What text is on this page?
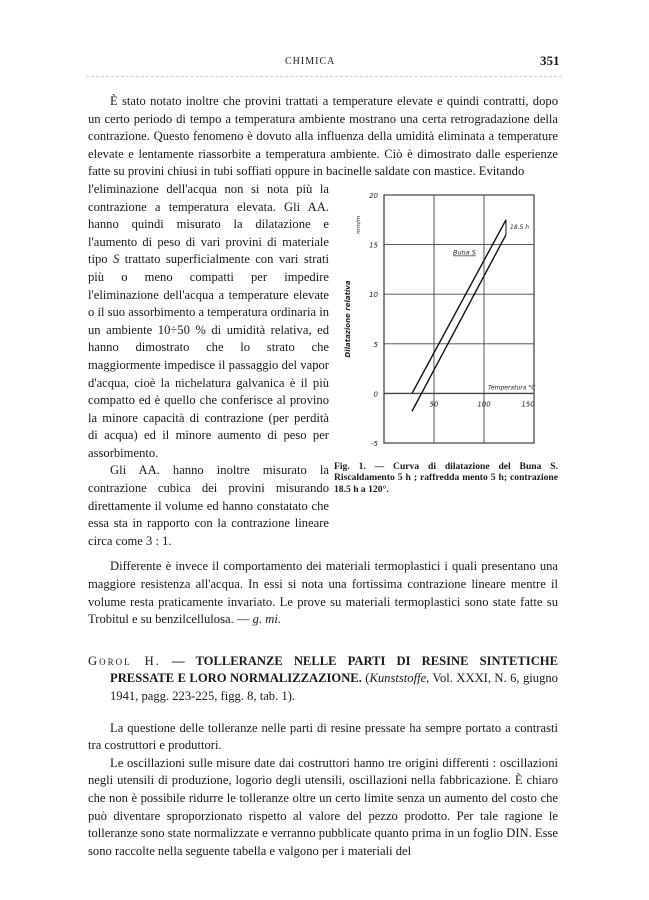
CHIMICA	351

È stato notato inoltre che provini trattati a temperature elevate e quindi contratti, dopo un certo periodo di tempo a temperatura ambiente mostrano una certa retrogradazione della contrazione. Questo fenomeno è dovuto alla influenza della umidità eliminata a temperature elevate e lentamente riassorbite a temperatura ambiente. Ciò è dimostrato dalle esperienze fatte su provini chiusi in tubi soffiati oppure in bacinelle saldate con mastice. Evitando

l'eliminazione dell'acqua non si nota più la contrazione a temperatura elevata. Gli AA. hanno quindi misurato la dilatazione e l'aumento di peso di vari provini di materiale tipo S trattato superficialmente con vari strati più o meno compatti per impedire l'eliminazione dell'acqua a temperature elevate o il suo assorbimento a temperatura ordinaria in un ambiente 10÷50 % di umidità relativa, ed hanno dimostrato che lo strato che maggiormente impedisce il passaggio del vapor d'acqua, cioè la nichelatura galvanica è il più compatto ed è quello che conferisce al provino la minore capacità di contrazione (per perdità di acqua) ed il minore aumento di peso per assorbimento.

Gli AA. hanno inoltre misurato la contrazione cubica dei provini misurando direttamente il volume ed hanno constatato che essa sta in rapporto con la contrazione lineare circa come 3 : 1.

-5
0
5
10
15
20
50	100	150
Buna S
18.5 h
Temperatura °C
Dilatazione relativa
mm/m
Fig. 1. — Curva di dilatazione del Buna S. Riscaldamento 5 h ; raffredda mento 5 h; contrazione 18.5 h a 120°.

Differente è invece il comportamento dei materiali termoplastici i quali presentano una maggiore resistenza all'acqua. In essi si nota una fortissima contrazione lineare mentre il volume resta praticamente invariato. Le prove su materiali termoplastici sono state fatte su Trobitul e su benzilcellulosa. — g. mi.

Gorol H. — TOLLERANZE NELLE PARTI DI RESINE SINTETICHE PRESSATE E LORO NORMALIZZAZIONE. (Kunststoffe, Vol. XXXI, N. 6, giugno 1941, pagg. 223-225, figg. 8, tab. 1).

La questione delle tolleranze nelle parti di resine pressate ha sempre portato a contrasti tra costruttori e produttori.

Le oscillazioni sulle misure date dai costruttori hanno tre origini differenti : oscillazioni negli utensili di produzione, logorio degli utensili, oscillazioni nella fabbricazione. È chiaro che non è possibile ridurre le tolleranze oltre un certo limite senza un aumento del costo che può diventare sproporzionato rispetto al valore del pezzo prodotto. Per tale ragione le tolleranze sono state normalizzate e verranno pubblicate quanto prima in un foglio DIN. Esse sono raccolte nella seguente tabella e valgono per i materiali del
